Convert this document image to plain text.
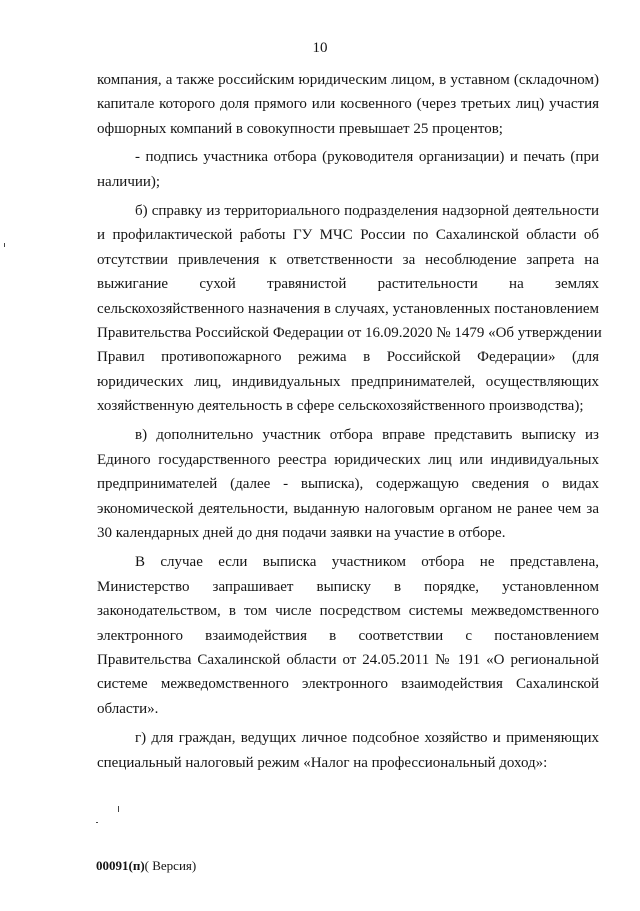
10
компания, а также российским юридическим лицом, в уставном (складочном)
капитале которого доля прямого или косвенного (через третьих лиц) участия
офшорных компаний в совокупности превышает 25 процентов;
- подпись участника отбора (руководителя организации) и печать (при
наличии);
б) справку из территориального подразделения надзорной деятельности
и профилактической работы ГУ МЧС России по Сахалинской области об
отсутствии привлечения к ответственности за несоблюдение запрета на
выжигание сухой травянистой растительности на землях
сельскохозяйственного назначения в случаях, установленных постановлением
Правительства Российской Федерации от 16.09.2020 № 1479 «Об утверждении
Правил противопожарного режима в Российской Федерации» (для
юридических лиц, индивидуальных предпринимателей, осуществляющих
хозяйственную деятельность в сфере сельскохозяйственного производства);
в) дополнительно участник отбора вправе представить выписку из
Единого государственного реестра юридических лиц или индивидуальных
предпринимателей (далее - выписка), содержащую сведения о видах
экономической деятельности, выданную налоговым органом не ранее чем за
30 календарных дней до дня подачи заявки на участие в отборе.
В случае если выписка участником отбора не представлена,
Министерство запрашивает выписку в порядке, установленном
законодательством, в том числе посредством системы межведомственного
электронного взаимодействия в соответствии с постановлением
Правительства Сахалинской области от 24.05.2011 № 191 «О региональной
системе межведомственного электронного взаимодействия Сахалинской
области».
г) для граждан, ведущих личное подсобное хозяйство и применяющих
специальный налоговый режим «Налог на профессиональный доход»:
00091(п)( Версия)
